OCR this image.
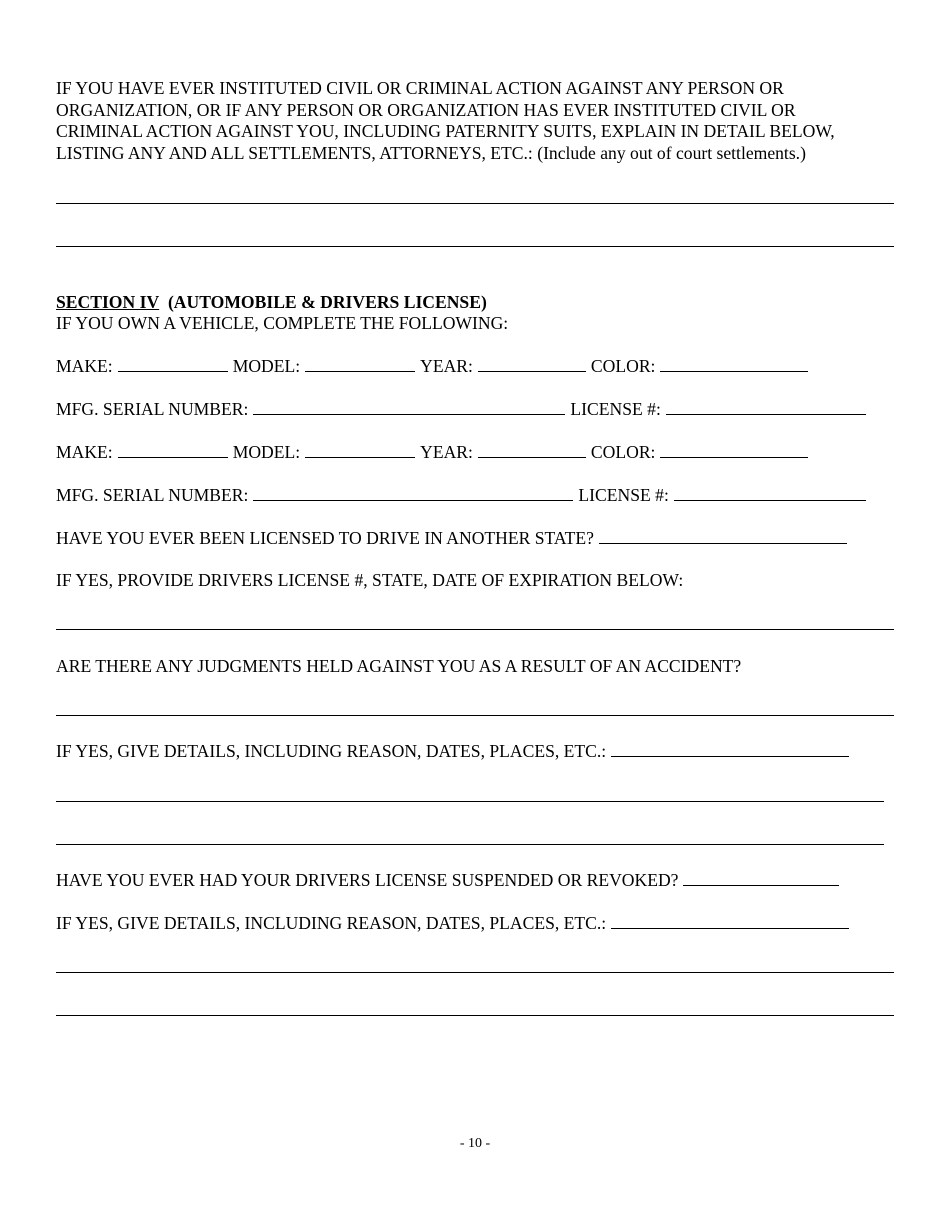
IF YOU HAVE EVER INSTITUTED CIVIL OR CRIMINAL ACTION AGAINST ANY PERSON OR
ORGANIZATION, OR IF ANY PERSON OR ORGANIZATION HAS EVER INSTITUTED CIVIL OR
CRIMINAL ACTION AGAINST YOU, INCLUDING PATERNITY SUITS, EXPLAIN IN DETAIL BELOW,
LISTING ANY AND ALL SETTLEMENTS, ATTORNEYS, ETC.: (Include any out of court settlements.)
SECTION IV (AUTOMOBILE & DRIVERS LICENSE)
IF YOU OWN A VEHICLE, COMPLETE THE FOLLOWING:
MAKE:	MODEL:	YEAR:	COLOR:
MFG. SERIAL NUMBER:	LICENSE #:
MAKE:	MODEL:	YEAR:	COLOR:
MFG. SERIAL NUMBER:	LICENSE #:
HAVE YOU EVER BEEN LICENSED TO DRIVE IN ANOTHER STATE?
IF YES, PROVIDE DRIVERS LICENSE #, STATE, DATE OF EXPIRATION BELOW:
ARE THERE ANY JUDGMENTS HELD AGAINST YOU AS A RESULT OF AN ACCIDENT?
IF YES, GIVE DETAILS, INCLUDING REASON, DATES, PLACES, ETC.:
HAVE YOU EVER HAD YOUR DRIVERS LICENSE SUSPENDED OR REVOKED?
IF YES, GIVE DETAILS, INCLUDING REASON, DATES, PLACES, ETC.:
- 10 -
